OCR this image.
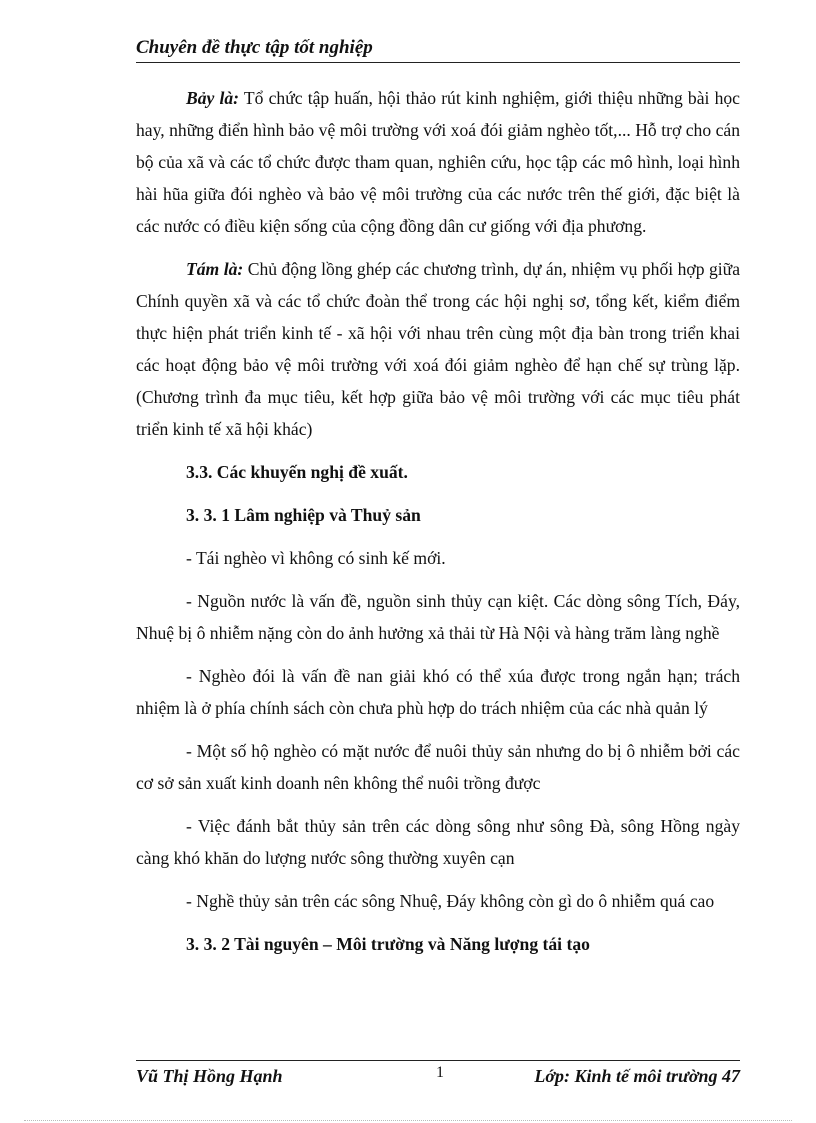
Chuyên đề thực tập tốt nghiệp

Bảy là: Tổ chức tập huấn, hội thảo rút kinh nghiệm, giới thiệu những bài học hay, những điển hình bảo vệ môi trường với xoá đói giảm nghèo tốt,... Hỗ trợ cho cán bộ của xã và các tổ chức được tham quan, nghiên cứu, học tập các mô hình, loại hình hài hũa giữa đói nghèo và bảo vệ môi trường của các nước trên thế giới, đặc biệt là các nước có điều kiện sống của cộng đồng dân cư giống với địa phương.

Tám là: Chủ động lồng ghép các chương trình, dự án, nhiệm vụ phối hợp giữa Chính quyền xã và các tổ chức đoàn thể trong các hội nghị sơ, tổng kết, kiểm điểm thực hiện phát triển kinh tế - xã hội với nhau trên cùng một địa bàn trong triển khai các hoạt động bảo vệ môi trường với xoá đói giảm nghèo để hạn chế sự trùng lặp. (Chương trình đa mục tiêu, kết hợp giữa bảo vệ môi trường với các mục tiêu phát triển kinh tế xã hội khác)

3.3. Các khuyến nghị đề xuất.

3. 3. 1 Lâm nghiệp và Thuỷ sản

- Tái nghèo vì không có sinh kế mới.

- Nguồn nước là vấn đề, nguồn sinh thủy cạn kiệt. Các dòng sông Tích, Đáy, Nhuệ bị ô nhiễm nặng còn do ảnh hưởng xả thải từ Hà Nội và hàng trăm làng nghề

- Nghèo đói là vấn đề nan giải khó có thể xúa được trong ngắn hạn; trách nhiệm là ở phía chính sách còn chưa phù hợp do trách nhiệm của các nhà quản lý

- Một số hộ nghèo có mặt nước để nuôi thủy sản nhưng do bị ô nhiễm bởi các cơ sở sản xuất kinh doanh nên không thể nuôi trồng được

- Việc đánh bắt thủy sản trên các dòng sông như sông Đà, sông Hồng ngày càng khó khăn do lượng nước sông thường xuyên cạn

- Nghề thủy sản trên các sông Nhuệ, Đáy không còn gì do ô nhiễm quá cao

3. 3. 2 Tài nguyên – Môi trường và Năng lượng tái tạo

Vũ Thị Hồng Hạnh	1	Lớp: Kinh tế môi trường 47
